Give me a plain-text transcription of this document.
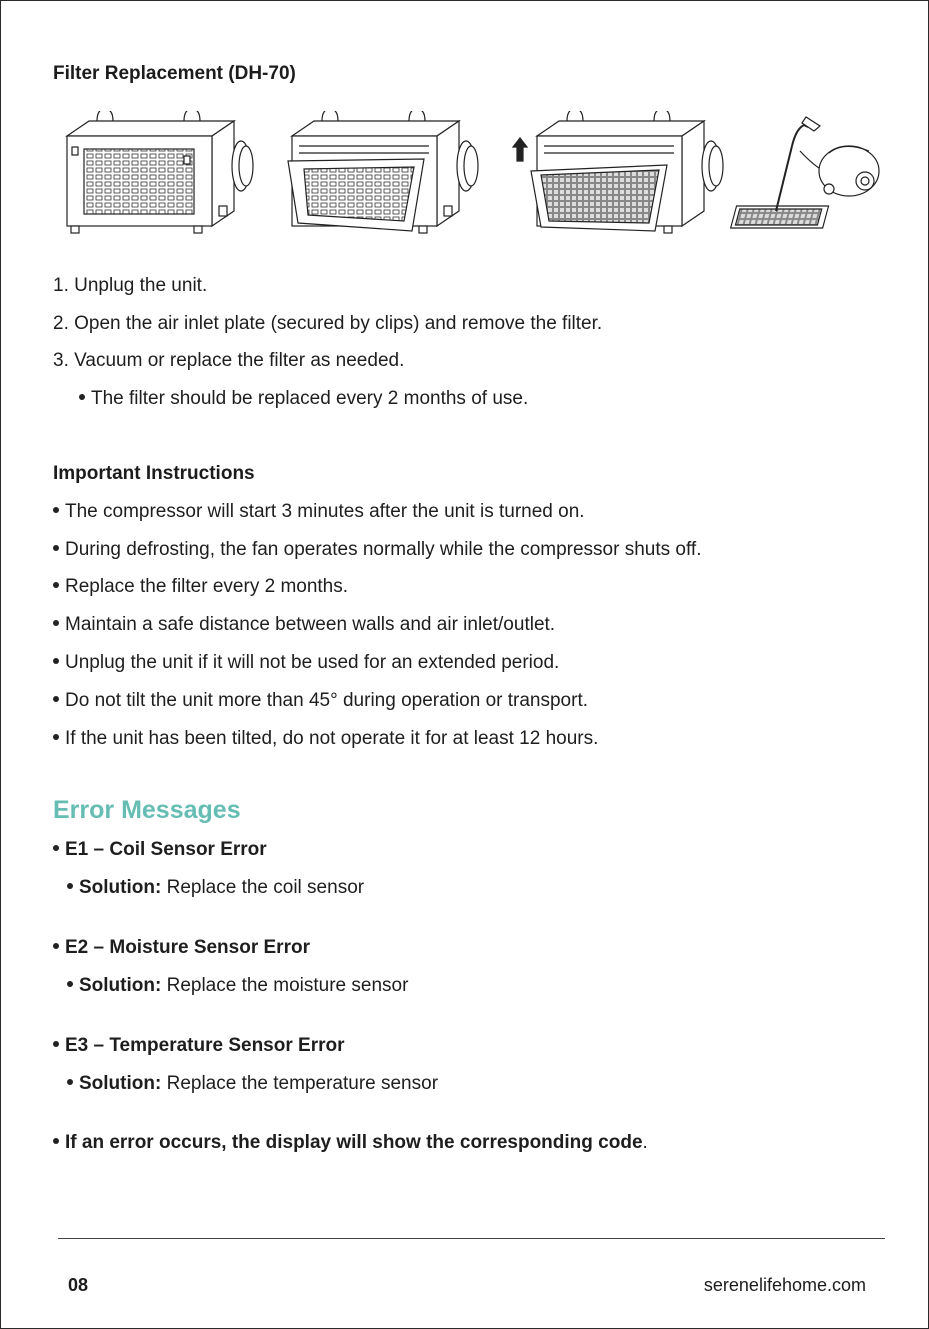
Filter Replacement (DH-70)
1. Unplug the unit.
2. Open the air inlet plate (secured by clips) and remove the filter.
3. Vacuum or replace the filter as needed.
The filter should be replaced every 2 months of use.
Important Instructions
The compressor will start 3 minutes after the unit is turned on.
During defrosting, the fan operates normally while the compressor shuts off.
Replace the filter every 2 months.
Maintain a safe distance between walls and air inlet/outlet.
Unplug the unit if it will not be used for an extended period.
Do not tilt the unit more than 45° during operation or transport.
If the unit has been tilted, do not operate it for at least 12 hours.
Error Messages
E1 – Coil Sensor Error
Solution: Replace the coil sensor
E2 – Moisture Sensor Error
Solution: Replace the moisture sensor
E3 – Temperature Sensor Error
Solution: Replace the temperature sensor
If an error occurs, the display will show the corresponding code.
08	serenelifehome.com
